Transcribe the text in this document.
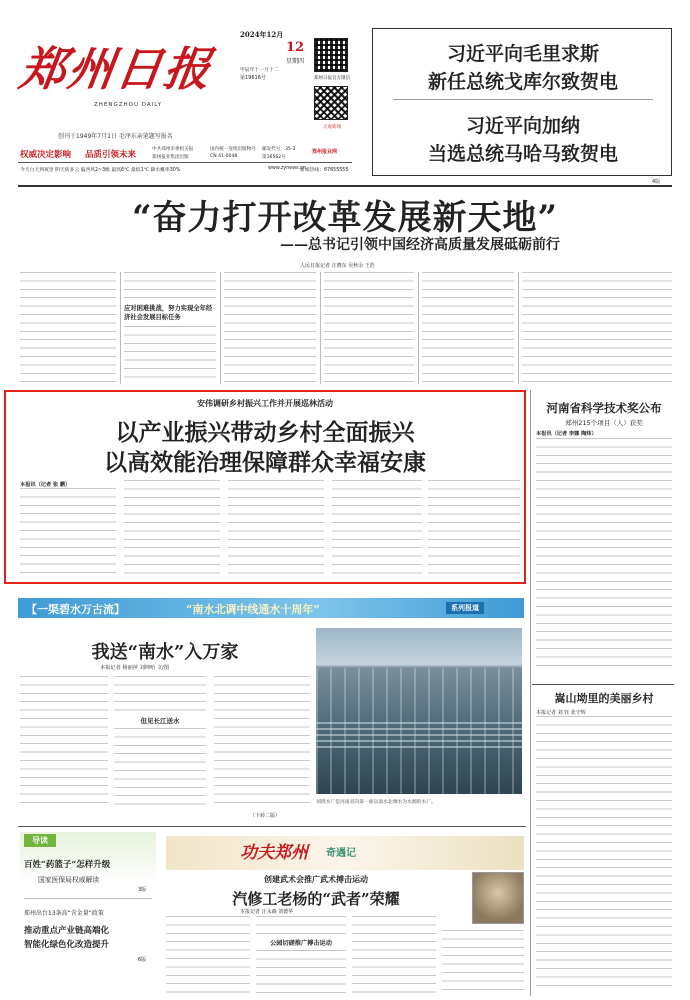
郑州日报
ZHENGZHOU DAILY
创刊于1949年7月1日 毛泽东亲笔题写报名
2024年12月
12
星期四
甲辰年十一月十二
第19616号	郑州日报官方微信
正观新闻
权威决定影响 品质引领未来
中共郑州市委机关报
郑州报业集团出版
国内统一连续出版物号
CN 41-0048
邮发代号：35-3
第16562号
郑州报业网
今天白天到夜里 阴天转多云 偏西风2~3级 最高6℃ 最低1℃ 降水概率30%	www.zynews.cn
新闻热线：67655555
习近平向毛里求斯
新任总统戈库尔致贺电
习近平向加纳
当选总统马哈马致贺电
4版
“奋力打开改革发展新天地”
——总书记引领中国经济高质量发展砥砺前行
人民日报记者 汪晓东 吴秋余 王浩
应对困难挑战，努力实现全年经济社会发展目标任务
安伟调研乡村振兴工作并开展巡林活动
以产业振兴带动乡村全面振兴
以高效能治理保障群众幸福安康
本报讯（记者 张 鹏）
河南省科学技术奖公布
郑州215个项目（人）获奖
本报讯（记者 李娜 陶炜）
嵩山坳里的美丽乡村
本报记者 刘 钰 张守辉
【一渠碧水万古流】	“南水北调中线通水十周年”	系列报道
我送“南水”入万家
本报记者 杨丽萍 刘坤哈 文/图
但见长江送水
刘湾水厂是河南省向第一座以南水北调水为水源的水厂。
（下转二版）
导读
百姓“药篮子”怎样升级
国家医保局权威解读
3版
郑州出台13条高“含金量”政策
推动重点产业链高端化
智能化绿色化改造提升
6版
功夫郑州 奇遇记
创建武术会推广武术搏击运动
汽修工老杨的“武者”荣耀
本报记者 汪永森 刘德华
公园切磋推广搏击运动
